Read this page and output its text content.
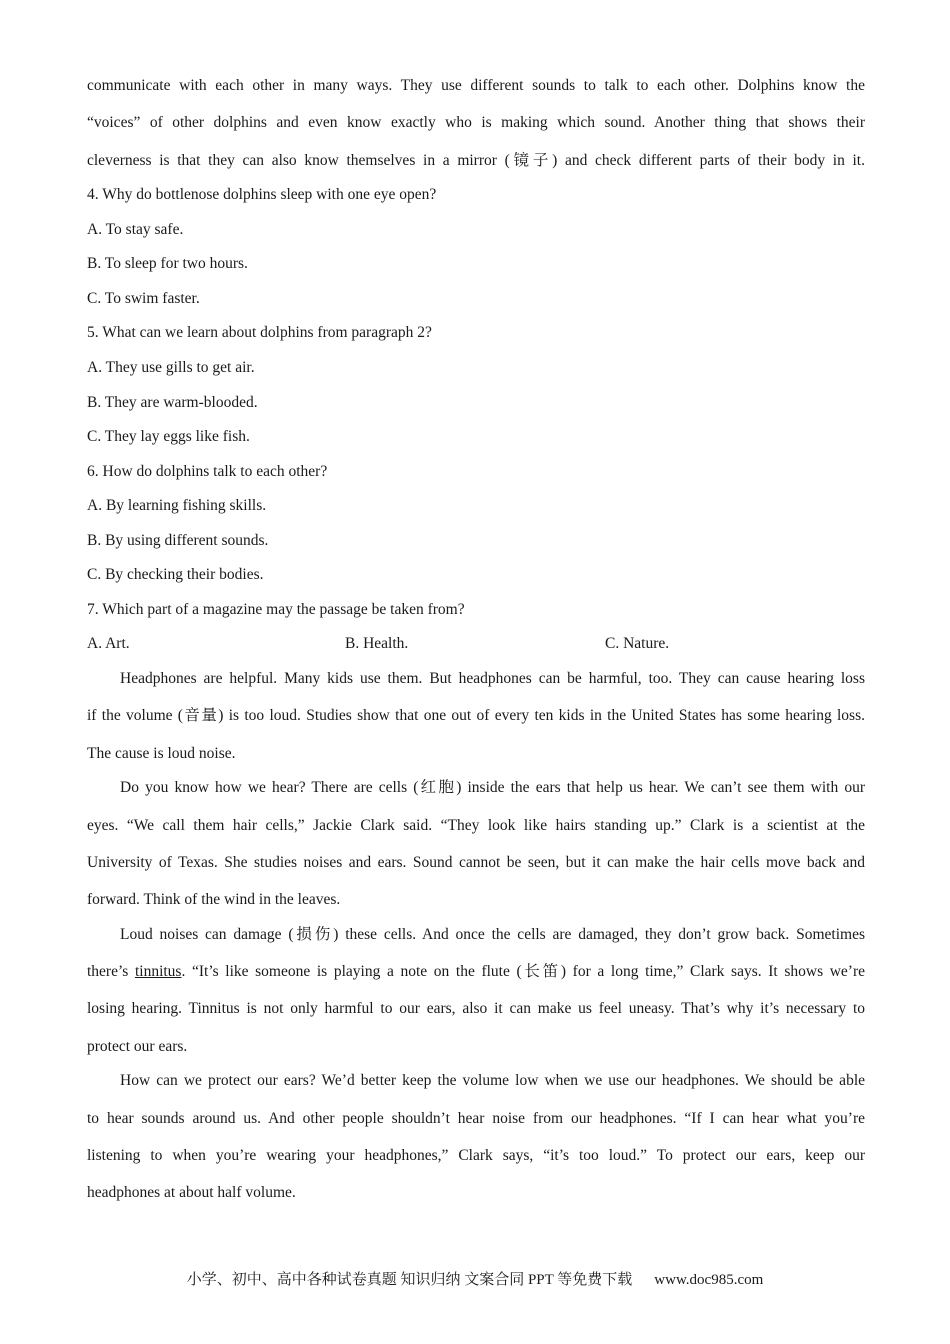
communicate with each other in many ways. They use different sounds to talk to each other. Dolphins know the
“voices” of other dolphins and even know exactly who is making which sound. Another thing that shows their
cleverness is that they can also know themselves in a mirror (镜子) and check different parts of their body in it.
4. Why do bottlenose dolphins sleep with one eye open?
A. To stay safe.
B. To sleep for two hours.
C. To swim faster.
5. What can we learn about dolphins from paragraph 2?
A. They use gills to get air.
B. They are warm-blooded.
C. They lay eggs like fish.
6. How do dolphins talk to each other?
A. By learning fishing skills.
B. By using different sounds.
C. By checking their bodies.
7. Which part of a magazine may the passage be taken from?
A. Art.	B. Health.	C. Nature.
Headphones are helpful. Many kids use them. But headphones can be harmful, too. They can cause hearing loss
if the volume (音量) is too loud. Studies show that one out of every ten kids in the United States has some hearing loss.
The cause is loud noise.
Do you know how we hear? There are cells (红胞) inside the ears that help us hear. We can’t see them with our
eyes. “We call them hair cells,” Jackie Clark said. “They look like hairs standing up.” Clark is a scientist at the
University of Texas. She studies noises and ears. Sound cannot be seen, but it can make the hair cells move back and
forward. Think of the wind in the leaves.
Loud noises can damage (损伤) these cells. And once the cells are damaged, they don’t grow back. Sometimes
there’s tinnitus. “It’s like someone is playing a note on the flute (长笛) for a long time,” Clark says. It shows we’re
losing hearing. Tinnitus is not only harmful to our ears, also it can make us feel uneasy. That’s why it’s necessary to
protect our ears.
How can we protect our ears? We’d better keep the volume low when we use our headphones. We should be able
to hear sounds around us. And other people shouldn’t hear noise from our headphones. “If I can hear what you’re
listening to when you’re wearing your headphones,” Clark says, “it’s too loud.” To protect our ears, keep our
headphones at about half volume.
小学、初中、高中各种试卷真题 知识归纳 文案合同 PPT 等免费下载 www.doc985.com
